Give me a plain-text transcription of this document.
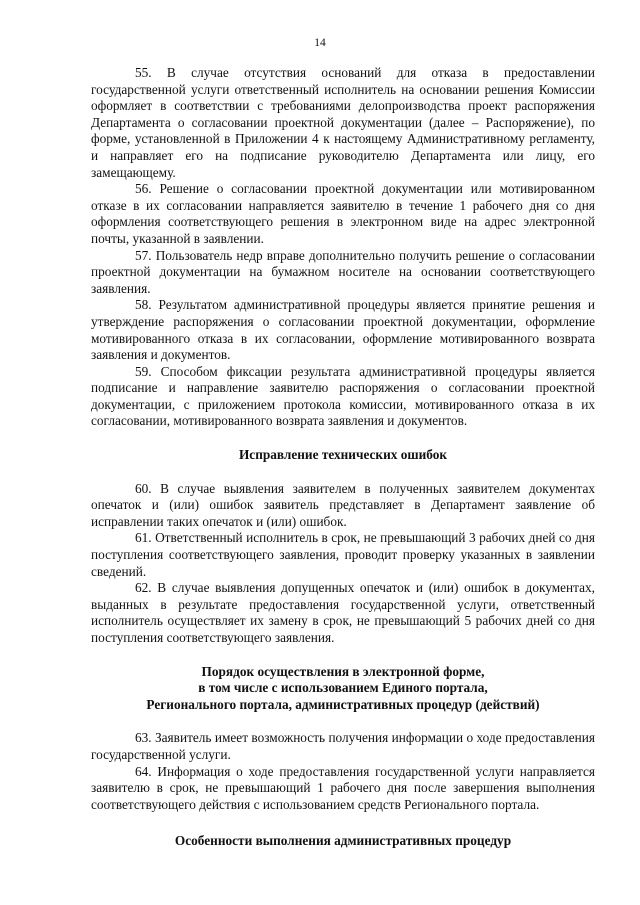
14

55. В случае отсутствия оснований для отказа в предоставлении государственной услуги ответственный исполнитель на основании решения Комиссии оформляет в соответствии с требованиями делопроизводства проект распоряжения Департамента о согласовании проектной документации (далее – Распоряжение), по форме, установленной в Приложении 4 к настоящему Административному регламенту, и направляет его на подписание руководителю Департамента или лицу, его замещающему.

56. Решение о согласовании проектной документации или мотивированном отказе в их согласовании направляется заявителю в течение 1 рабочего дня со дня оформления соответствующего решения в электронном виде на адрес электронной почты, указанной в заявлении.

57. Пользователь недр вправе дополнительно получить решение о согласовании проектной документации на бумажном носителе на основании соответствующего заявления.

58. Результатом административной процедуры является принятие решения и утверждение распоряжения о согласовании проектной документации, оформление мотивированного отказа в их согласовании, оформление мотивированного возврата заявления и документов.

59. Способом фиксации результата административной процедуры является подписание и направление заявителю распоряжения о согласовании проектной документации, с приложением протокола комиссии, мотивированного отказа в их согласовании, мотивированного возврата заявления и документов.

Исправление технических ошибок

60. В случае выявления заявителем в полученных заявителем документах опечаток и (или) ошибок заявитель представляет в Департамент заявление об исправлении таких опечаток и (или) ошибок.

61. Ответственный исполнитель в срок, не превышающий 3 рабочих дней со дня поступления соответствующего заявления, проводит проверку указанных в заявлении сведений.

62. В случае выявления допущенных опечаток и (или) ошибок в документах, выданных в результате предоставления государственной услуги, ответственный исполнитель осуществляет их замену в срок, не превышающий 5 рабочих дней со дня поступления соответствующего заявления.

Порядок осуществления в электронной форме,
в том числе с использованием Единого портала,
Регионального портала, административных процедур (действий)

63. Заявитель имеет возможность получения информации о ходе предоставления государственной услуги.

64. Информация о ходе предоставления государственной услуги направляется заявителю в срок, не превышающий 1 рабочего дня после завершения выполнения соответствующего действия с использованием средств Регионального портала.

Особенности выполнения административных процедур
